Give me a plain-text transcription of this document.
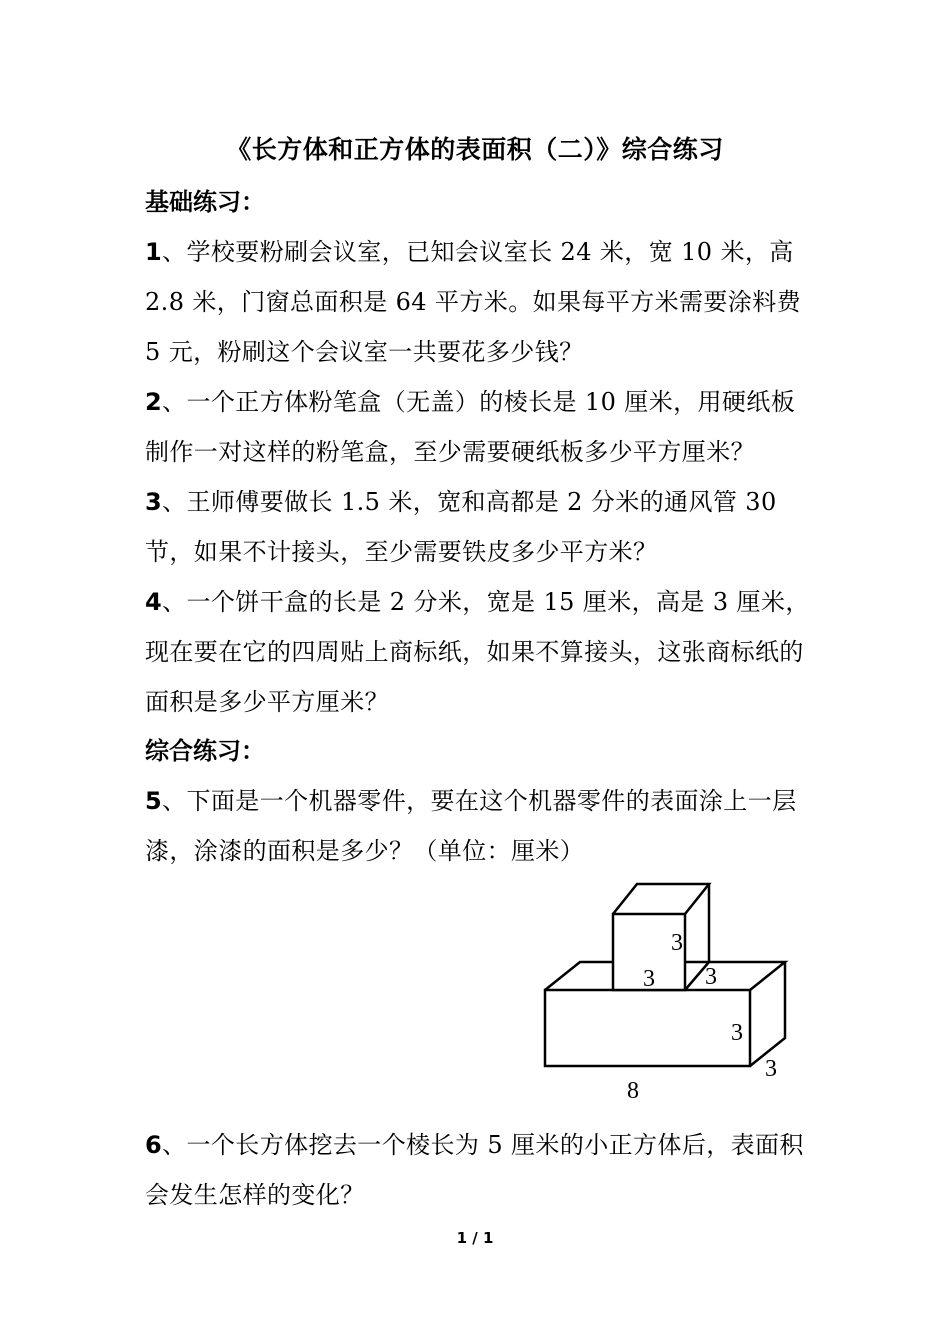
《长方体和正方体的表面积（二）》综合练习
基础练习：

1、学校要粉刷会议室，已知会议室长 24 米，宽 10 米，高 2.8 米，门窗总面积是 64 平方米。如果每平方米需要涂料费 5 元，粉刷这个会议室一共要花多少钱？

2、一个正方体粉笔盒（无盖）的棱长是 10 厘米，用硬纸板制作一对这样的粉笔盒，至少需要硬纸板多少平方厘米？

3、王师傅要做长 1.5 米，宽和高都是 2 分米的通风管 30 节，如果不计接头，至少需要铁皮多少平方米？

4、一个饼干盒的长是 2 分米，宽是 15 厘米，高是 3 厘米，现在要在它的四周贴上商标纸，如果不算接头，这张商标纸的面积是多少平方厘米？

综合练习：

5、下面是一个机器零件，要在这个机器零件的表面涂上一层漆，涂漆的面积是多少？（单位：厘米）

3
3 3
3
3
8

6、一个长方体挖去一个棱长为 5 厘米的小正方体后，表面积会发生怎样的变化？

1 / 1
